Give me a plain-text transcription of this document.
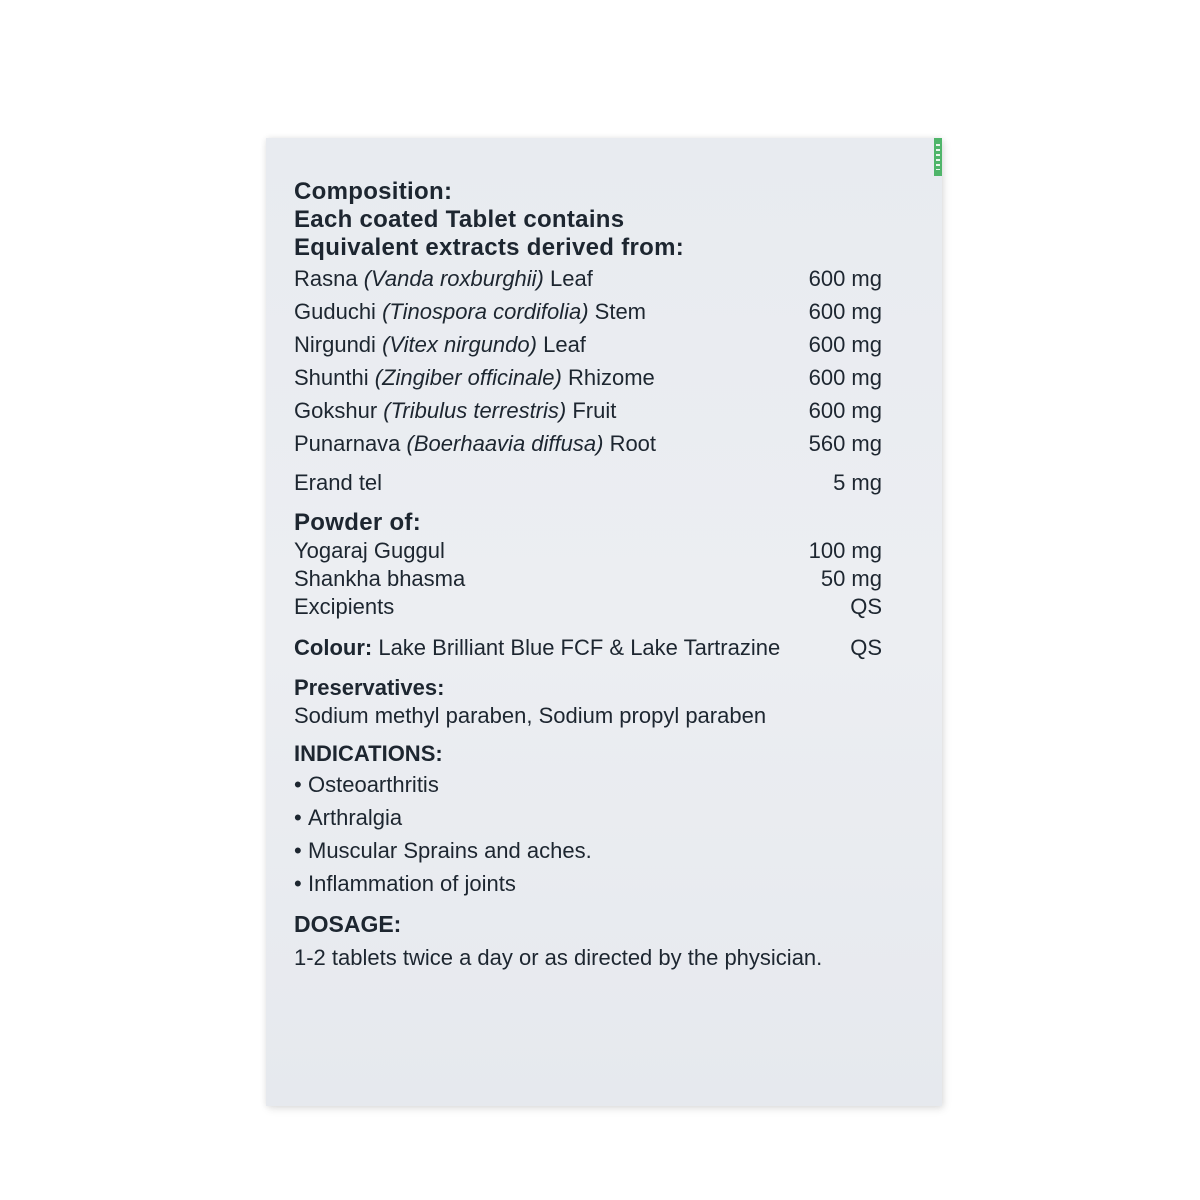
Composition:

Each coated Tablet contains

Equivalent extracts derived from:

Rasna (Vanda roxburghii) Leaf	600 mg
Guduchi (Tinospora cordifolia) Stem	600 mg
Nirgundi (Vitex nirgundo) Leaf	600 mg
Shunthi (Zingiber officinale) Rhizome	600 mg
Gokshur (Tribulus terrestris) Fruit	600 mg
Punarnava (Boerhaavia diffusa) Root	560 mg
Erand tel	5 mg

Powder of:

Yogaraj Guggul	100 mg
Shankha bhasma	50 mg
Excipients	QS
Colour: Lake Brilliant Blue FCF & Lake Tartrazine	QS
Preservatives:
Sodium methyl paraben, Sodium propyl paraben
INDICATIONS:
• Osteoarthritis
• Arthralgia
• Muscular Sprains and aches.
• Inflammation of joints
DOSAGE:
1-2 tablets twice a day or as directed by the physician.
